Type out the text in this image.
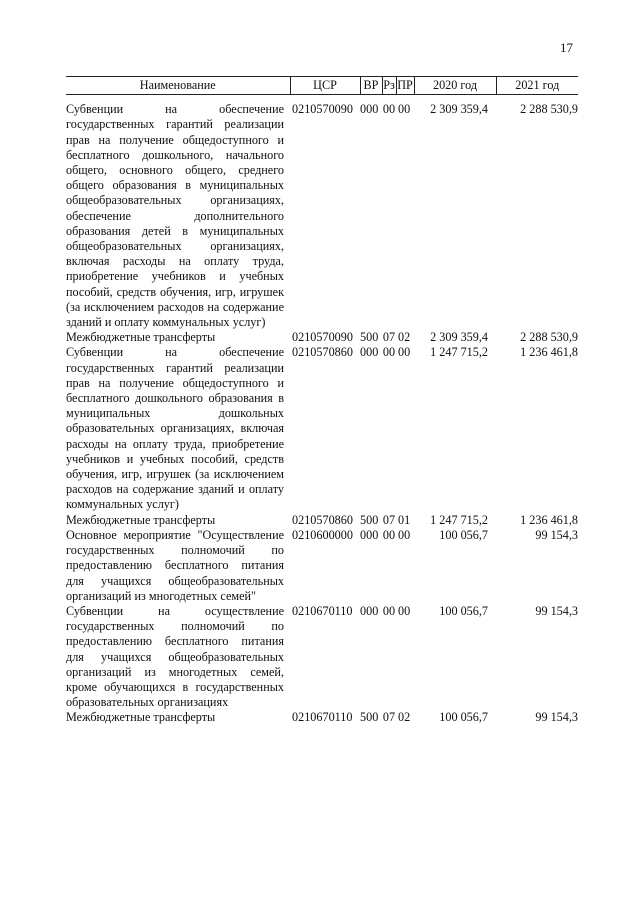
17
Наименование	ЦСР	ВР	Рз	ПР	2020 год	2021 год
Субвенции на обеспечение государственных гарантий реализации прав на получение общедоступного и бесплатного дошкольного, начального общего, основного общего, среднего общего образования в муниципальных общеобразовательных организациях, обеспечение дополнительного образования детей в муниципальных общеобразовательных организациях, включая расходы на оплату труда, приобретение учебников и учебных пособий, средств обучения, игр, игрушек (за исключением расходов на содержание зданий и оплату коммунальных услуг)	0210570090	000	00	00	2 309 359,4	2 288 530,9
Межбюджетные трансферты	0210570090	500	07	02	2 309 359,4	2 288 530,9
Субвенции на обеспечение государственных гарантий реализации прав на получение общедоступного и бесплатного дошкольного образования в муниципальных дошкольных образовательных организациях, включая расходы на оплату труда, приобретение учебников и учебных пособий, средств обучения, игр, игрушек (за исключением расходов на содержание зданий и оплату коммунальных услуг)	0210570860	000	00	00	1 247 715,2	1 236 461,8
Межбюджетные трансферты	0210570860	500	07	01	1 247 715,2	1 236 461,8
Основное мероприятие "Осуществление государственных полномочий по предоставлению бесплатного питания для учащихся общеобразовательных организаций из многодетных семей"	0210600000	000	00	00	100 056,7	99 154,3
Субвенции на осуществление государственных полномочий по предоставлению бесплатного питания для учащихся общеобразовательных организаций из многодетных семей, кроме обучающихся в государственных образовательных организациях	0210670110	000	00	00	100 056,7	99 154,3
Межбюджетные трансферты	0210670110	500	07	02	100 056,7	99 154,3
